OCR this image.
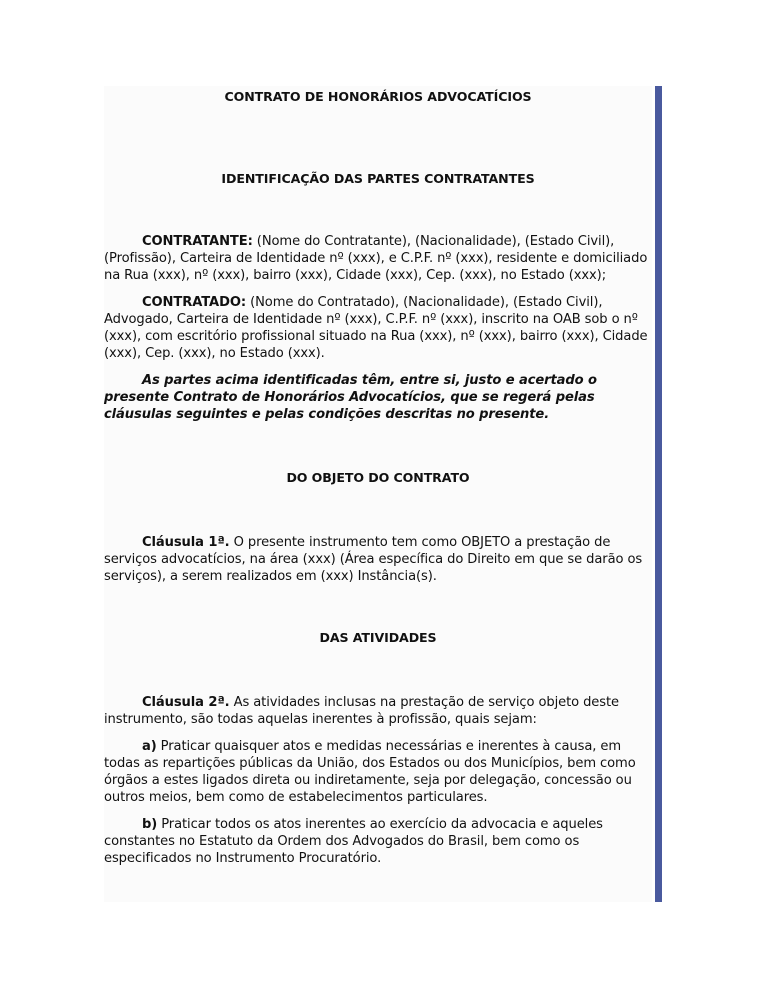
CONTRATO DE HONORÁRIOS ADVOCATÍCIOS

IDENTIFICAÇÃO DAS PARTES CONTRATANTES

CONTRATANTE: (Nome do Contratante), (Nacionalidade), (Estado Civil), (Profissão), Carteira de Identidade nº (xxx), e C.P.F. nº (xxx), residente e domiciliado na Rua (xxx), nº (xxx), bairro (xxx), Cidade (xxx), Cep. (xxx), no Estado (xxx);

CONTRATADO: (Nome do Contratado), (Nacionalidade), (Estado Civil), Advogado, Carteira de Identidade nº (xxx), C.P.F. nº (xxx), inscrito na OAB sob o nº (xxx), com escritório profissional situado na Rua (xxx), nº (xxx), bairro (xxx), Cidade (xxx), Cep. (xxx), no Estado (xxx).

As partes acima identificadas têm, entre si, justo e acertado o presente Contrato de Honorários Advocatícios, que se regerá pelas cláusulas seguintes e pelas condições descritas no presente.

DO OBJETO DO CONTRATO

Cláusula 1ª. O presente instrumento tem como OBJETO a prestação de serviços advocatícios, na área (xxx) (Área específica do Direito em que se darão os serviços), a serem realizados em (xxx) Instância(s).

DAS ATIVIDADES

Cláusula 2ª. As atividades inclusas na prestação de serviço objeto deste instrumento, são todas aquelas inerentes à profissão, quais sejam:

a) Praticar quaisquer atos e medidas necessárias e inerentes à causa, em todas as repartições públicas da União, dos Estados ou dos Municípios, bem como órgãos a estes ligados direta ou indiretamente, seja por delegação, concessão ou outros meios, bem como de estabelecimentos particulares.

b) Praticar todos os atos inerentes ao exercício da advocacia e aqueles constantes no Estatuto da Ordem dos Advogados do Brasil, bem como os especificados no Instrumento Procuratório.
